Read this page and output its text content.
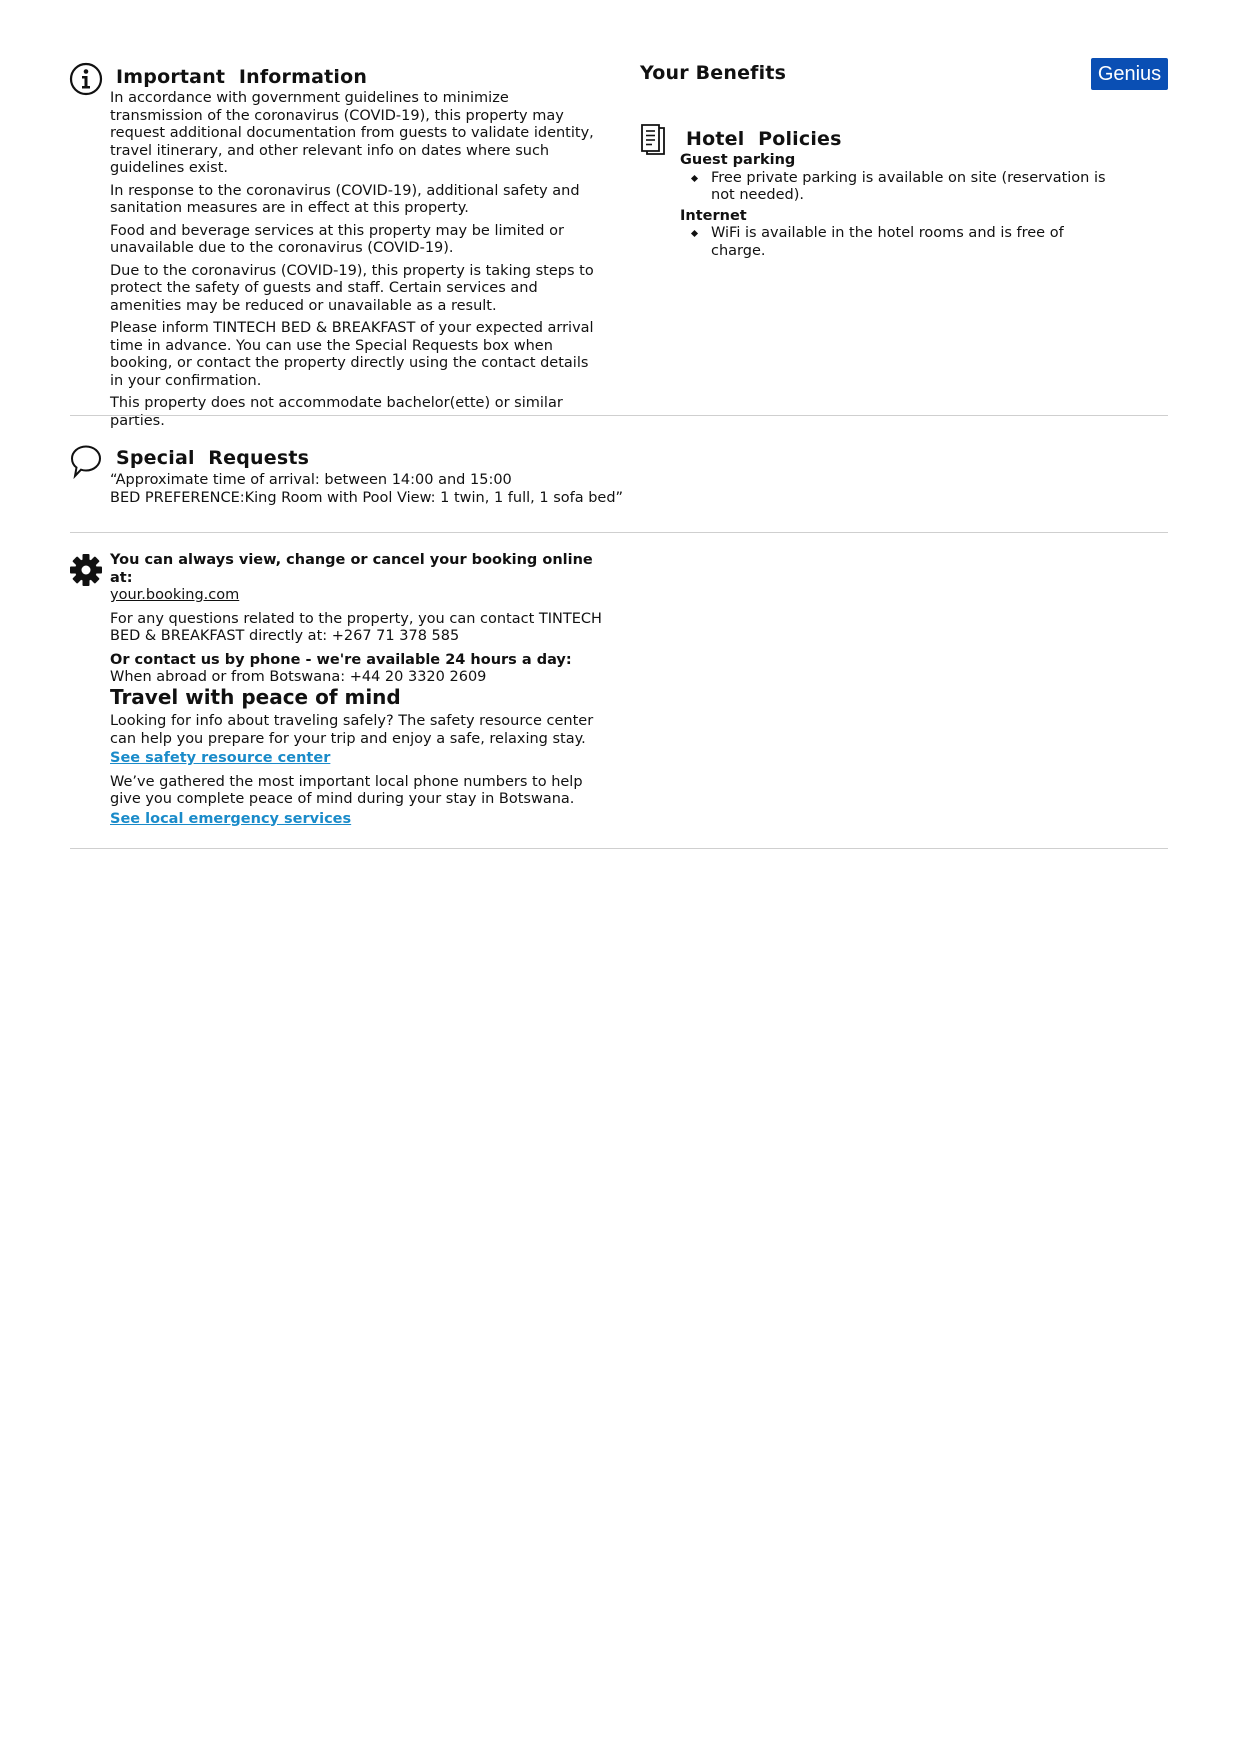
Important  Information

In accordance with government guidelines to minimize transmission of the coronavirus (COVID-19), this property may request additional documentation from guests to validate identity, travel itinerary, and other relevant info on dates where such guidelines exist.

In response to the coronavirus (COVID-19), additional safety and sanitation measures are in effect at this property.

Food and beverage services at this property may be limited or unavailable due to the coronavirus (COVID-19).

Due to the coronavirus (COVID-19), this property is taking steps to protect the safety of guests and staff. Certain services and amenities may be reduced or unavailable as a result.

Please inform TINTECH BED & BREAKFAST of your expected arrival time in advance. You can use the Special Requests box when booking, or contact the property directly using the contact details in your confirmation.

This property does not accommodate bachelor(ette) or similar parties.

Your Benefits	Genius
Hotel  Policies
Guest parking
Free private parking is available on site (reservation is not needed).
Internet
WiFi is available in the hotel rooms and is free of charge.
Special  Requests
“Approximate time of arrival: between 14:00 and 15:00
BED PREFERENCE:King Room with Pool View: 1 twin, 1 full, 1 sofa bed”
You can always view, change or cancel your booking online at:
your.booking.com

For any questions related to the property, you can contact TINTECH BED & BREAKFAST directly at: +267 71 378 585

Or contact us by phone - we're available 24 hours a day:
When abroad or from Botswana: +44 20 3320 2609
Travel with peace of mind

Looking for info about traveling safely? The safety resource center can help you prepare for your trip and enjoy a safe, relaxing stay.

See safety resource center

We’ve gathered the most important local phone numbers to help give you complete peace of mind during your stay in Botswana.

See local emergency services
